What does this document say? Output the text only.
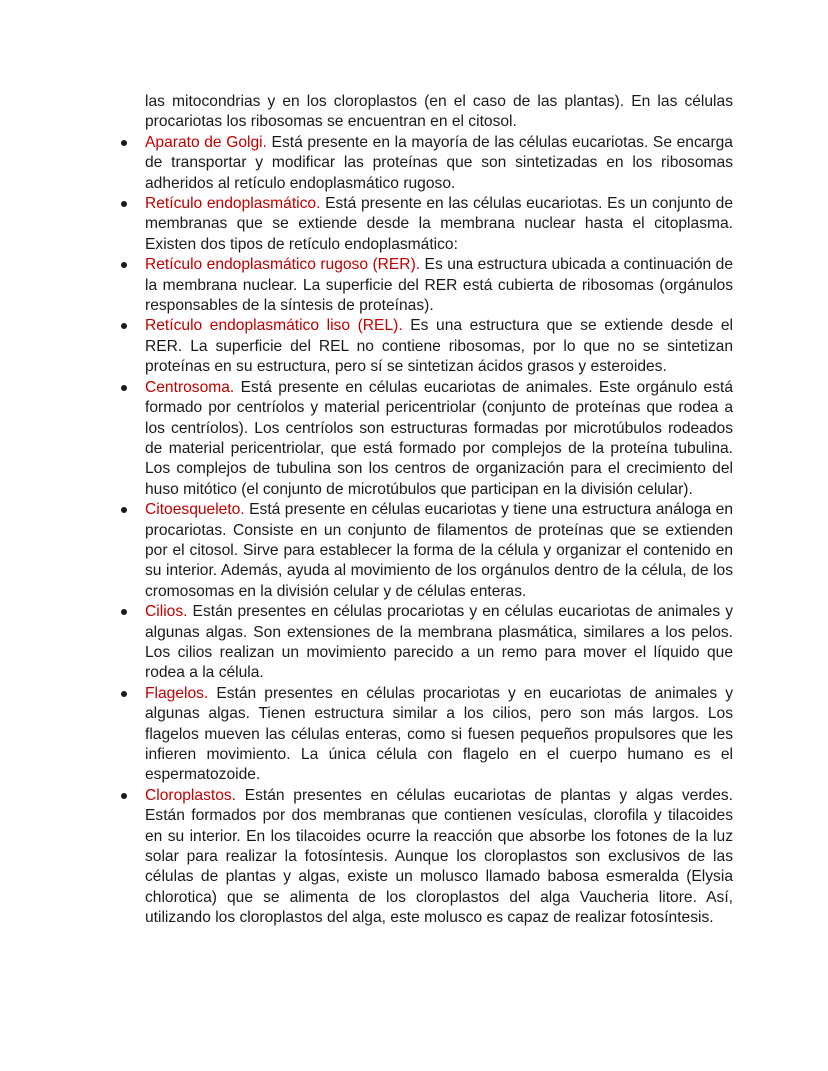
las mitocondrias y en los cloroplastos (en el caso de las plantas). En las células procariotas los ribosomas se encuentran en el citosol.

Aparato de Golgi. Está presente en la mayoría de las células eucariotas. Se encarga de transportar y modificar las proteínas que son sintetizadas en los ribosomas adheridos al retículo endoplasmático rugoso.
Retículo endoplasmático. Está presente en las células eucariotas. Es un conjunto de membranas que se extiende desde la membrana nuclear hasta el citoplasma. Existen dos tipos de retículo endoplasmático:
Retículo endoplasmático rugoso (RER). Es una estructura ubicada a continuación de la membrana nuclear. La superficie del RER está cubierta de ribosomas (orgánulos responsables de la síntesis de proteínas).
Retículo endoplasmático liso (REL). Es una estructura que se extiende desde el RER. La superficie del REL no contiene ribosomas, por lo que no se sintetizan proteínas en su estructura, pero sí se sintetizan ácidos grasos y esteroides.
Centrosoma. Está presente en células eucariotas de animales. Este orgánulo está formado por centríolos y material pericentriolar (conjunto de proteínas que rodea a los centríolos). Los centríolos son estructuras formadas por microtúbulos rodeados de material pericentriolar, que está formado por complejos de la proteína tubulina. Los complejos de tubulina son los centros de organización para el crecimiento del huso mitótico (el conjunto de microtúbulos que participan en la división celular).
Citoesqueleto. Está presente en células eucariotas y tiene una estructura análoga en procariotas. Consiste en un conjunto de filamentos de proteínas que se extienden por el citosol. Sirve para establecer la forma de la célula y organizar el contenido en su interior. Además, ayuda al movimiento de los orgánulos dentro de la célula, de los cromosomas en la división celular y de células enteras.
Cilios. Están presentes en células procariotas y en células eucariotas de animales y algunas algas. Son extensiones de la membrana plasmática, similares a los pelos. Los cilios realizan un movimiento parecido a un remo para mover el líquido que rodea a la célula.
Flagelos. Están presentes en células procariotas y en eucariotas de animales y algunas algas. Tienen estructura similar a los cilios, pero son más largos. Los flagelos mueven las células enteras, como si fuesen pequeños propulsores que les infieren movimiento. La única célula con flagelo en el cuerpo humano es el espermatozoide.
Cloroplastos. Están presentes en células eucariotas de plantas y algas verdes. Están formados por dos membranas que contienen vesículas, clorofila y tilacoides en su interior. En los tilacoides ocurre la reacción que absorbe los fotones de la luz solar para realizar la fotosíntesis. Aunque los cloroplastos son exclusivos de las células de plantas y algas, existe un molusco llamado babosa esmeralda (Elysia chlorotica) que se alimenta de los cloroplastos del alga Vaucheria litore. Así, utilizando los cloroplastos del alga, este molusco es capaz de realizar fotosíntesis.
